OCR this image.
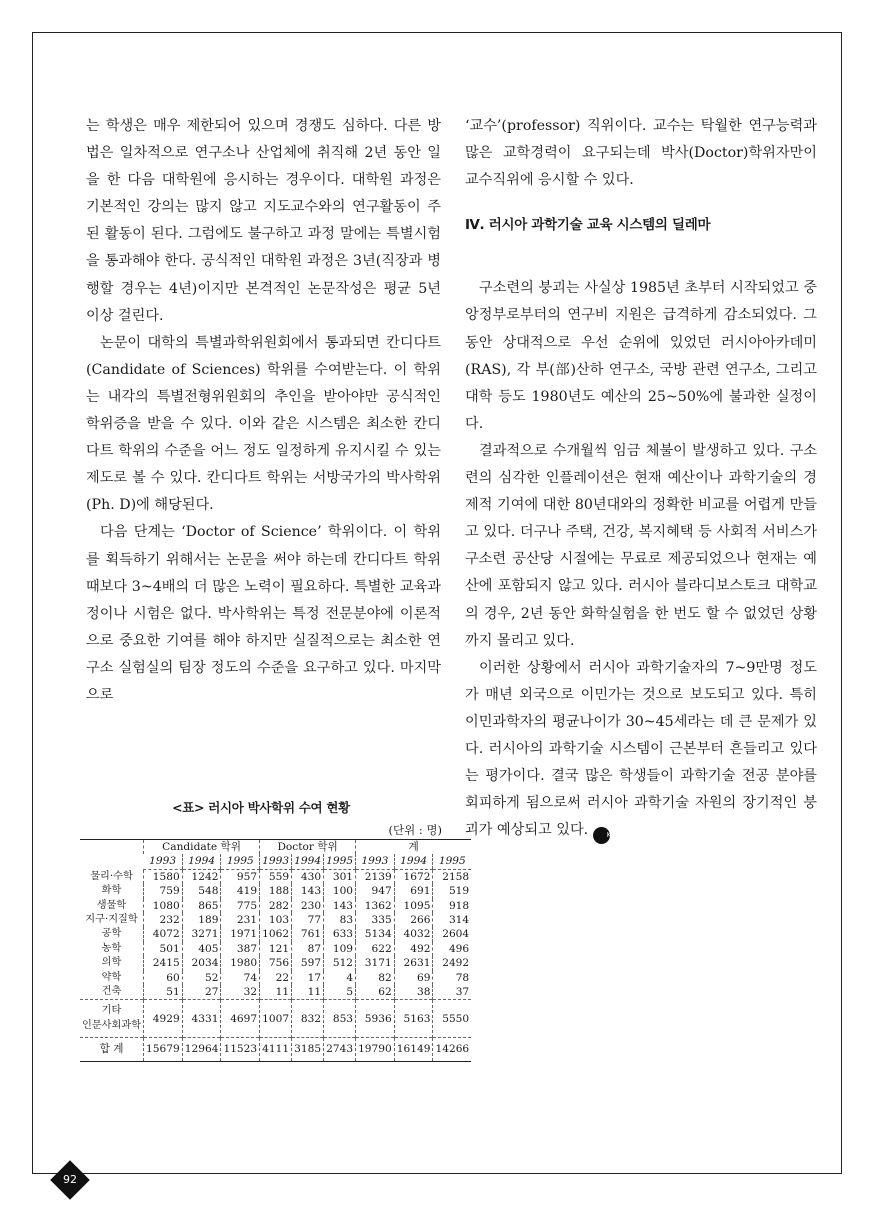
는 학생은 매우 제한되어 있으며 경쟁도 심하다. 다른 방법은 일차적으로 연구소나 산업체에 취직해 2년 동안 일을 한 다음 대학원에 응시하는 경우이다. 대학원 과정은 기본적인 강의는 많지 않고 지도교수와의 연구활동이 주된 활동이 된다. 그럼에도 불구하고 과정 말에는 특별시험을 통과해야 한다. 공식적인 대학원 과정은 3년(직장과 병행할 경우는 4년)이지만 본격적인 논문작성은 평균 5년 이상 걸린다.

논문이 대학의 특별과학위원회에서 통과되면 칸디다트(Candidate of Sciences) 학위를 수여받는다. 이 학위는 내각의 특별전형위원회의 추인을 받아야만 공식적인 학위증을 받을 수 있다. 이와 같은 시스템은 최소한 칸디다트 학위의 수준을 어느 정도 일정하게 유지시킬 수 있는 제도로 볼 수 있다. 칸디다트 학위는 서방국가의 박사학위(Ph. D)에 해당된다.

다음 단계는 ‘Doctor of Science’ 학위이다. 이 학위를 획득하기 위해서는 논문을 써야 하는데 칸디다트 학위때보다 3~4배의 더 많은 노력이 필요하다. 특별한 교육과정이나 시험은 없다. 박사학위는 특정 전문분야에 이론적으로 중요한 기여를 해야 하지만 실질적으로는 최소한 연구소 실험실의 팀장 정도의 수준을 요구하고 있다. 마지막으로

<표> 러시아 박사학위 수여 현황

(단위 : 명)

	Candidate 학위			Doctor 학위			계		
	1993	1994	1995	1993	1994	1995	1993	1994	1995
물리·수학	1580	1242	957	559	430	301	2139	1672	2158
화학	759	548	419	188	143	100	947	691	519
생물학	1080	865	775	282	230	143	1362	1095	918
지구·지질학	232	189	231	103	77	83	335	266	314
공학	4072	3271	1971	1062	761	633	5134	4032	2604
농학	501	405	387	121	87	109	622	492	496
의학	2415	2034	1980	756	597	512	3171	2631	2492
약학	60	52	74	22	17	4	82	69	78
건축	51	27	32	11	11	5	62	38	37
기타
인문사회과학	4929	4331	4697	1007	832	853	5936	5163	5550
합 계	15679	12964	11523	4111	3185	2743	19790	16149	14266

‘교수’(professor) 직위이다. 교수는 탁월한 연구능력과 많은 교학경력이 요구되는데 박사(Doctor)학위자만이 교수직위에 응시할 수 있다.

Ⅳ. 러시아 과학기술 교육 시스템의 딜레마

구소련의 붕괴는 사실상 1985년 초부터 시작되었고 중앙정부로부터의 연구비 지원은 급격하게 감소되었다. 그 동안 상대적으로 우선 순위에 있었던 러시아아카데미(RAS), 각 부(部)산하 연구소, 국방 관련 연구소, 그리고 대학 등도 1980년도 예산의 25~50%에 불과한 실정이다.

결과적으로 수개월씩 임금 체불이 발생하고 있다. 구소련의 심각한 인플레이션은 현재 예산이나 과학기술의 경제적 기여에 대한 80년대와의 정확한 비교를 어렵게 만들고 있다. 더구나 주택, 건강, 복지혜택 등 사회적 서비스가 구소련 공산당 시절에는 무료로 제공되었으나 현재는 예산에 포함되지 않고 있다. 러시아 블라디보스토크 대학교의 경우, 2년 동안 화학실험을 한 번도 할 수 없었던 상황까지 몰리고 있다.

이러한 상황에서 러시아 과학기술자의 7~9만명 정도가 매년 외국으로 이민가는 것으로 보도되고 있다. 특히 이민과학자의 평균나이가 30~45세라는 데 큰 문제가 있다. 러시아의 과학기술 시스템이 근본부터 흔들리고 있다는 평가이다. 결국 많은 학생들이 과학기술 전공 분야를 회피하게 됨으로써 러시아 과학기술 자원의 장기적인 붕괴가 예상되고 있다.	KISTI

92
